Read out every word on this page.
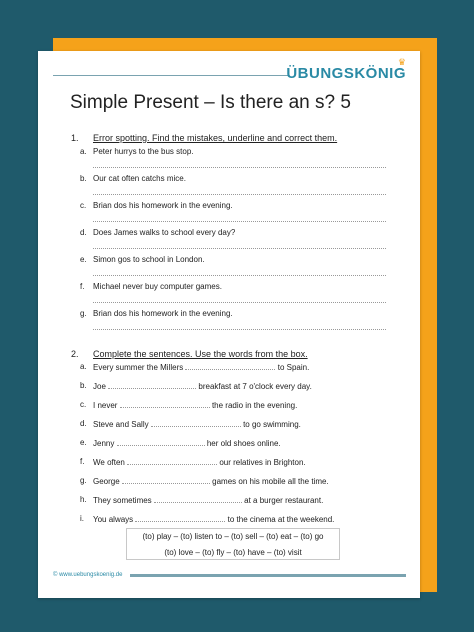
♛
ÜBUNGSKÖNIG
Simple Present – Is there an s? 5
1. Error spotting. Find the mistakes, underline and correct them.
a. Peter hurrys to the bus stop.
b. Our cat often catchs mice.
c. Brian dos his homework in the evening.
d. Does James walks to school every day?
e. Simon gos to school in London.
f. Michael never buy computer games.
g. Brian dos his homework in the evening.
2. Complete the sentences. Use the words from the box.
a. Every summer the Millers	to Spain.
b. Joe	breakfast at 7 o'clock every day.
c. I never	the radio in the evening.
d. Steve and Sally	to go swimming.
e. Jenny	her old shoes online.
f. We often	our relatives in Brighton.
g. George	games on his mobile all the time.
h. They sometimes	at a burger restaurant.
i. You always	to the cinema at the weekend.
(to) play – (to) listen to – (to) sell – (to) eat – (to) go
(to) love – (to) fly – (to) have – (to) visit
© www.uebungskoenig.de
